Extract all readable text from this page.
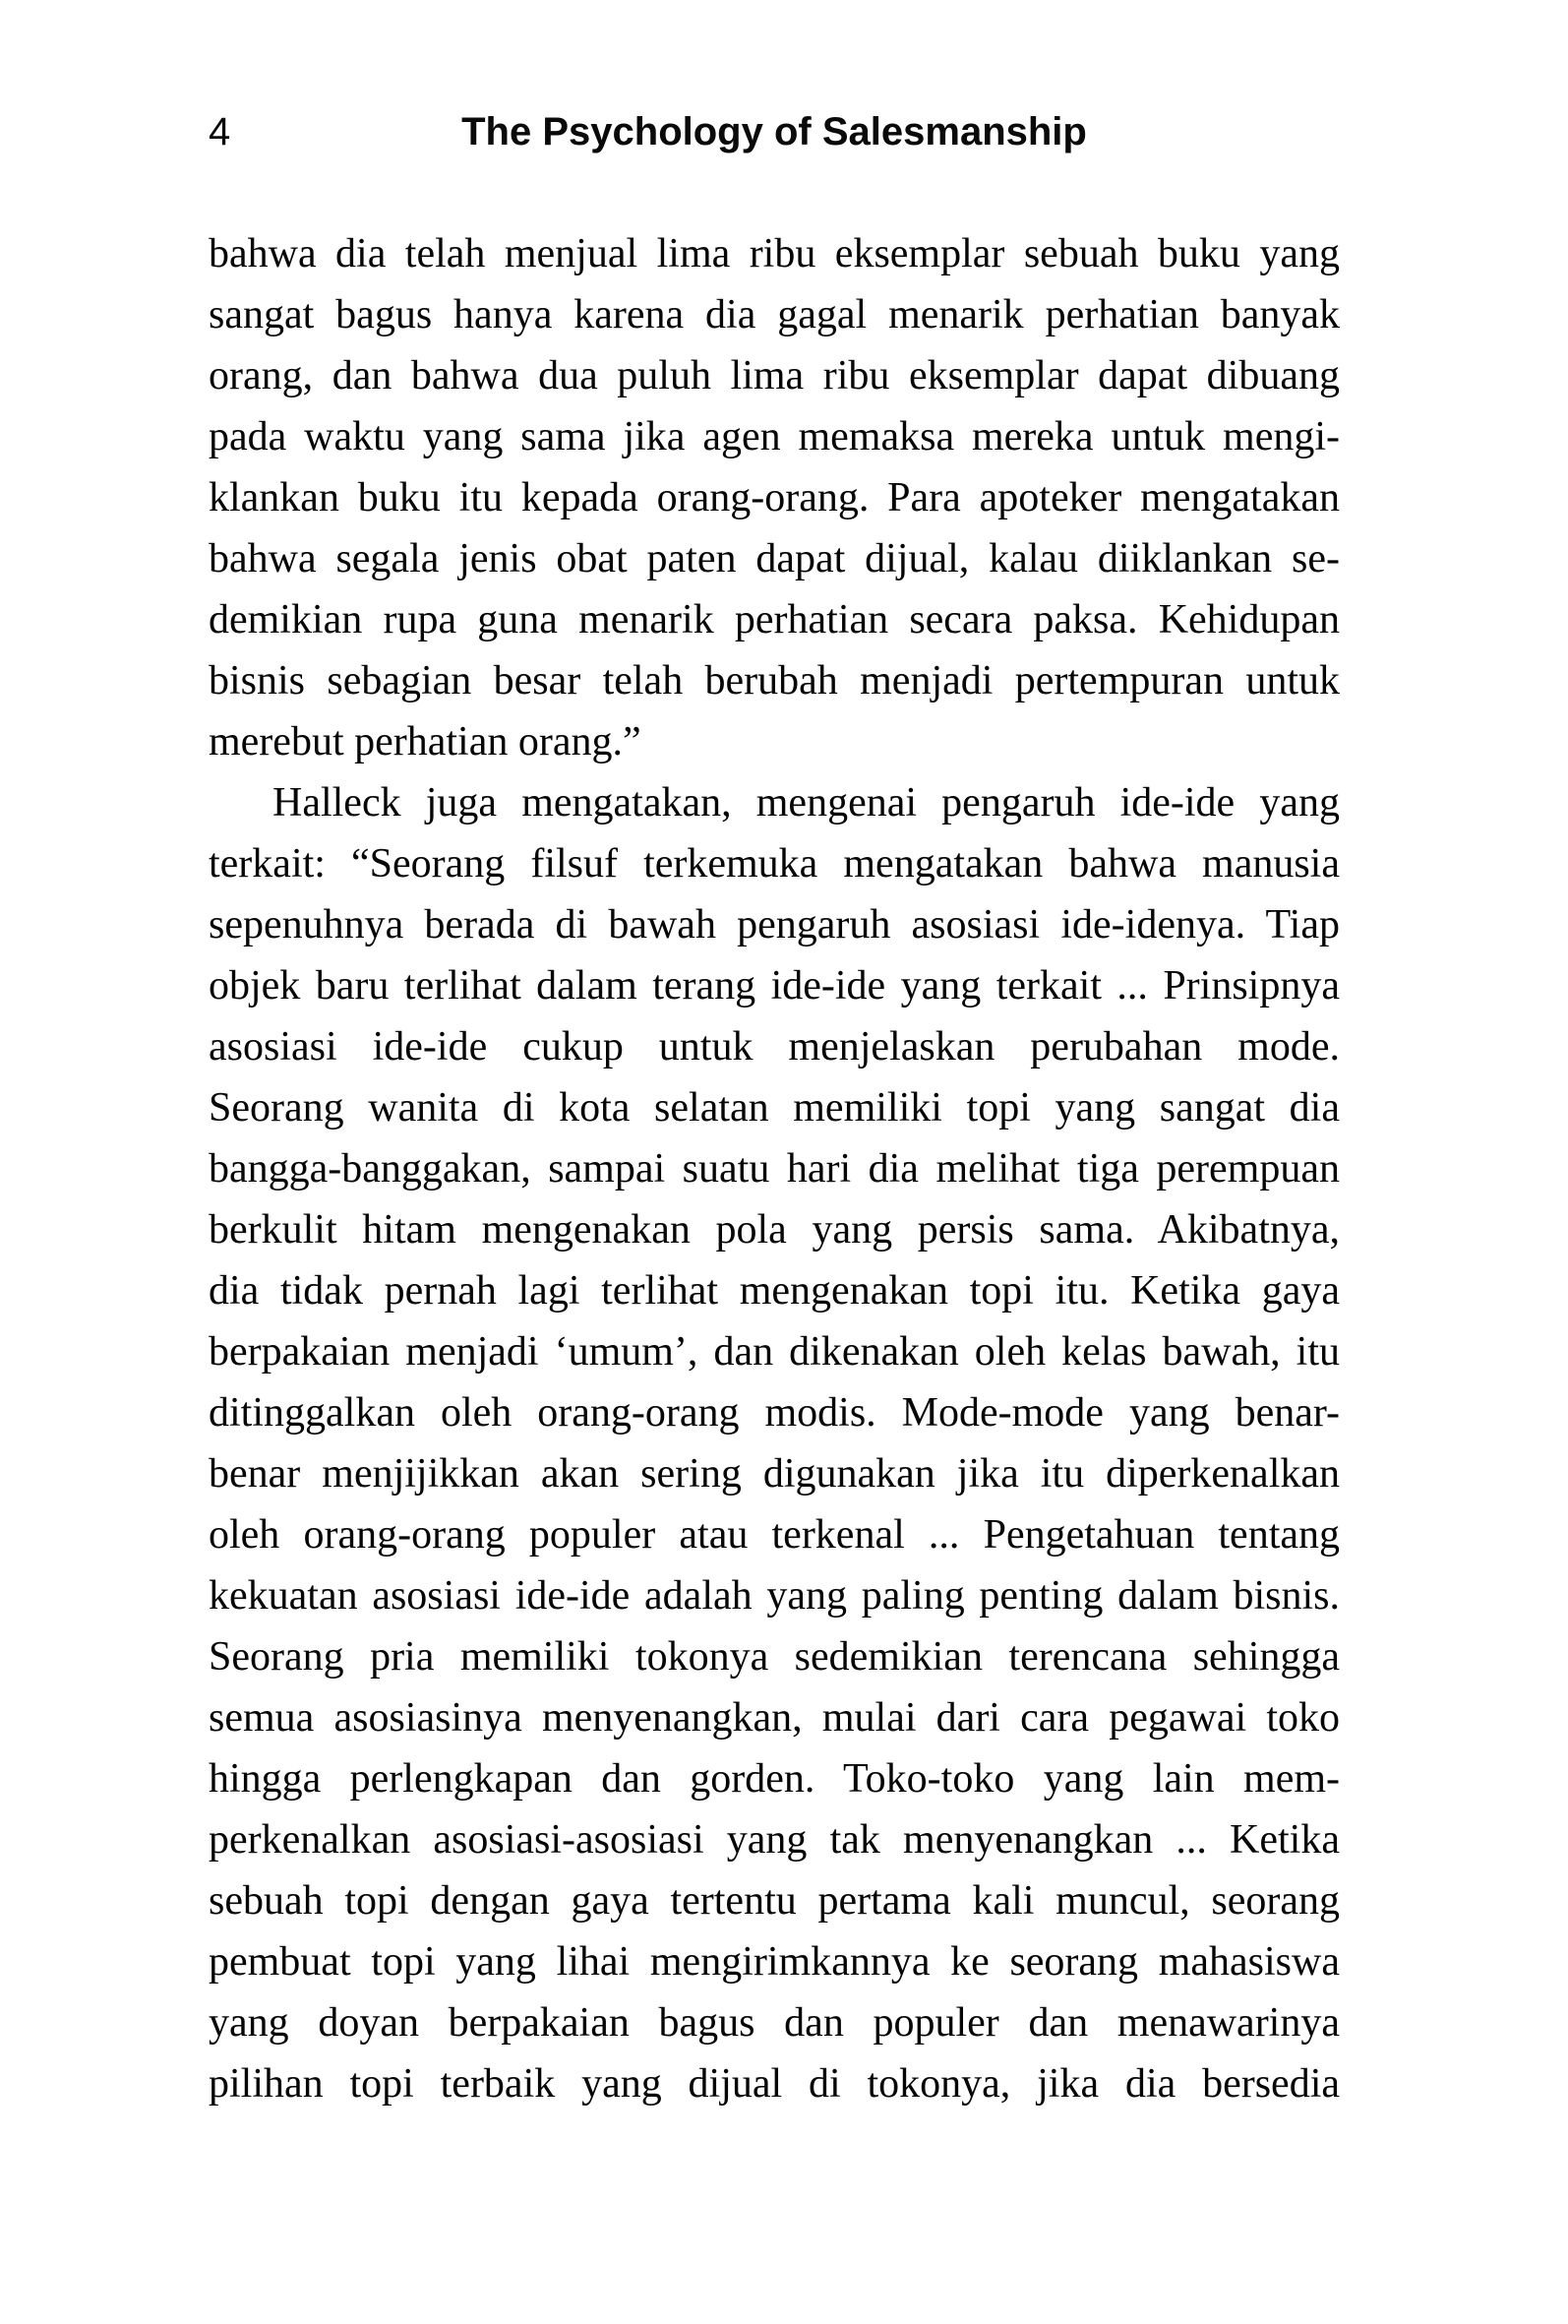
4	The Psychology of Salesmanship
bahwa dia telah menjual lima ribu eksemplar sebuah buku yang
sangat bagus hanya karena dia gagal menarik perhatian banyak
orang, dan bahwa dua puluh lima ribu eksemplar dapat dibuang
pada waktu yang sama jika agen memaksa mereka untuk mengi-
klankan buku itu kepada orang-orang. Para apoteker mengatakan
bahwa segala jenis obat paten dapat dijual, kalau diiklankan se-
demikian rupa guna menarik perhatian secara paksa. Kehidupan
bisnis sebagian besar telah berubah menjadi pertempuran untuk
merebut perhatian orang.”
Halleck juga mengatakan, mengenai pengaruh ide-ide yang
terkait: “Seorang filsuf terkemuka mengatakan bahwa manusia
sepenuhnya berada di bawah pengaruh asosiasi ide-idenya. Tiap
objek baru terlihat dalam terang ide-ide yang terkait ... Prinsipnya
asosiasi ide-ide cukup untuk menjelaskan perubahan mode.
Seorang wanita di kota selatan memiliki topi yang sangat dia
bangga-banggakan, sampai suatu hari dia melihat tiga perempuan
berkulit hitam mengenakan pola yang persis sama. Akibatnya,
dia tidak pernah lagi terlihat mengenakan topi itu. Ketika gaya
berpakaian menjadi ‘umum’, dan dikenakan oleh kelas bawah, itu
ditinggalkan oleh orang-orang modis. Mode-mode yang benar-
benar menjijikkan akan sering digunakan jika itu diperkenalkan
oleh orang-orang populer atau terkenal ... Pengetahuan tentang
kekuatan asosiasi ide-ide adalah yang paling penting dalam bisnis.
Seorang pria memiliki tokonya sedemikian terencana sehingga
semua asosiasinya menyenangkan, mulai dari cara pegawai toko
hingga perlengkapan dan gorden. Toko-toko yang lain mem-
perkenalkan asosiasi-asosiasi yang tak menyenangkan ... Ketika
sebuah topi dengan gaya tertentu pertama kali muncul, seorang
pembuat topi yang lihai mengirimkannya ke seorang mahasiswa
yang doyan berpakaian bagus dan populer dan menawarinya
pilihan topi terbaik yang dijual di tokonya, jika dia bersedia
